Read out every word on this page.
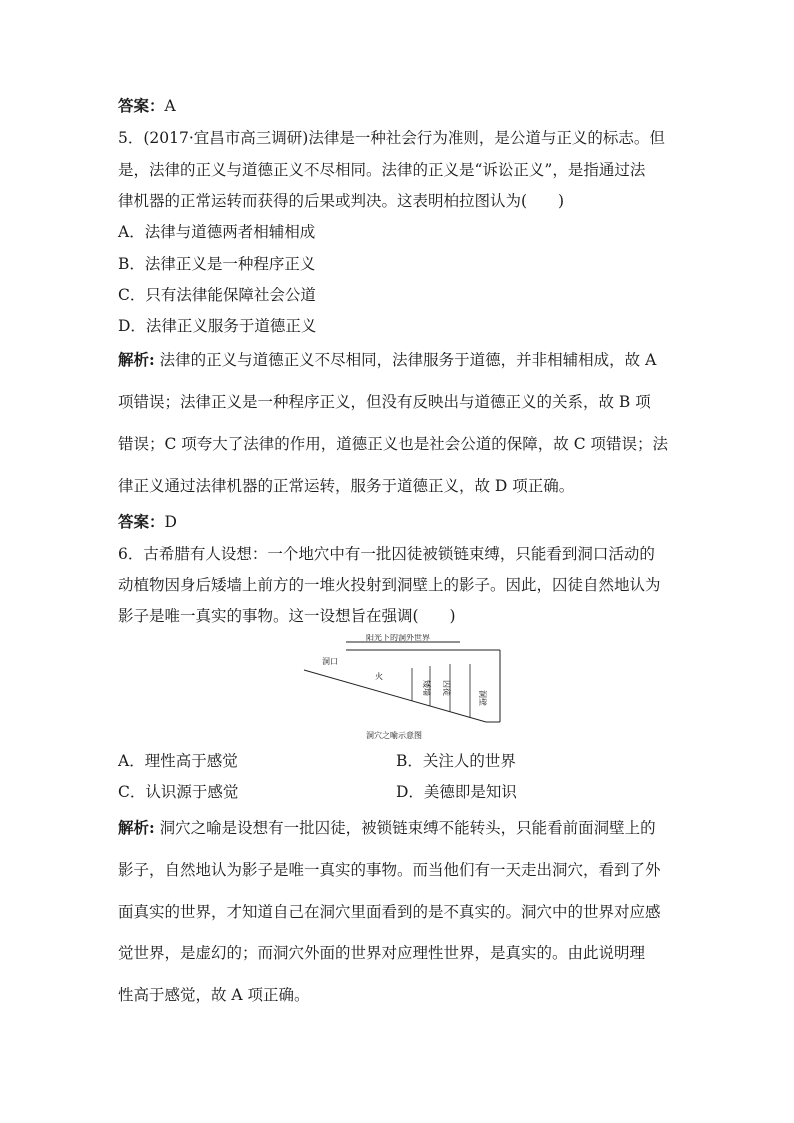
答案：A
5．(2017·宜昌市高三调研)法律是一种社会行为准则，是公道与正义的标志。但
是，法律的正义与道德正义不尽相同。法律的正义是“诉讼正义”，是指通过法
律机器的正常运转而获得的后果或判决。这表明柏拉图认为(　　)
A．法律与道德两者相辅相成
B．法律正义是一种程序正义
C．只有法律能保障社会公道
D．法律正义服务于道德正义
解析: 法律的正义与道德正义不尽相同，法律服务于道德，并非相辅相成，故 A
项错误；法律正义是一种程序正义，但没有反映出与道德正义的关系，故 B 项
错误；C 项夸大了法律的作用，道德正义也是社会公道的保障，故 C 项错误；法
律正义通过法律机器的正常运转，服务于道德正义，故 D 项正确。
答案：D
6．古希腊有人设想：一个地穴中有一批囚徒被锁链束缚，只能看到洞口活动的
动植物因身后矮墙上前方的一堆火投射到洞壁上的影子。因此，囚徒自然地认为
影子是唯一真实的事物。这一设想旨在强调(　　)
阳光下的洞外世界
洞口
火
矮墙 囚徒
洞壁
洞穴之喻示意图
A．理性高于感觉	B．关注人的世界
C．认识源于感觉	D．美德即是知识
解析: 洞穴之喻是设想有一批囚徒，被锁链束缚不能转头，只能看前面洞壁上的
影子，自然地认为影子是唯一真实的事物。而当他们有一天走出洞穴，看到了外
面真实的世界，才知道自己在洞穴里面看到的是不真实的。洞穴中的世界对应感
觉世界，是虚幻的；而洞穴外面的世界对应理性世界，是真实的。由此说明理
性高于感觉，故 A 项正确。
